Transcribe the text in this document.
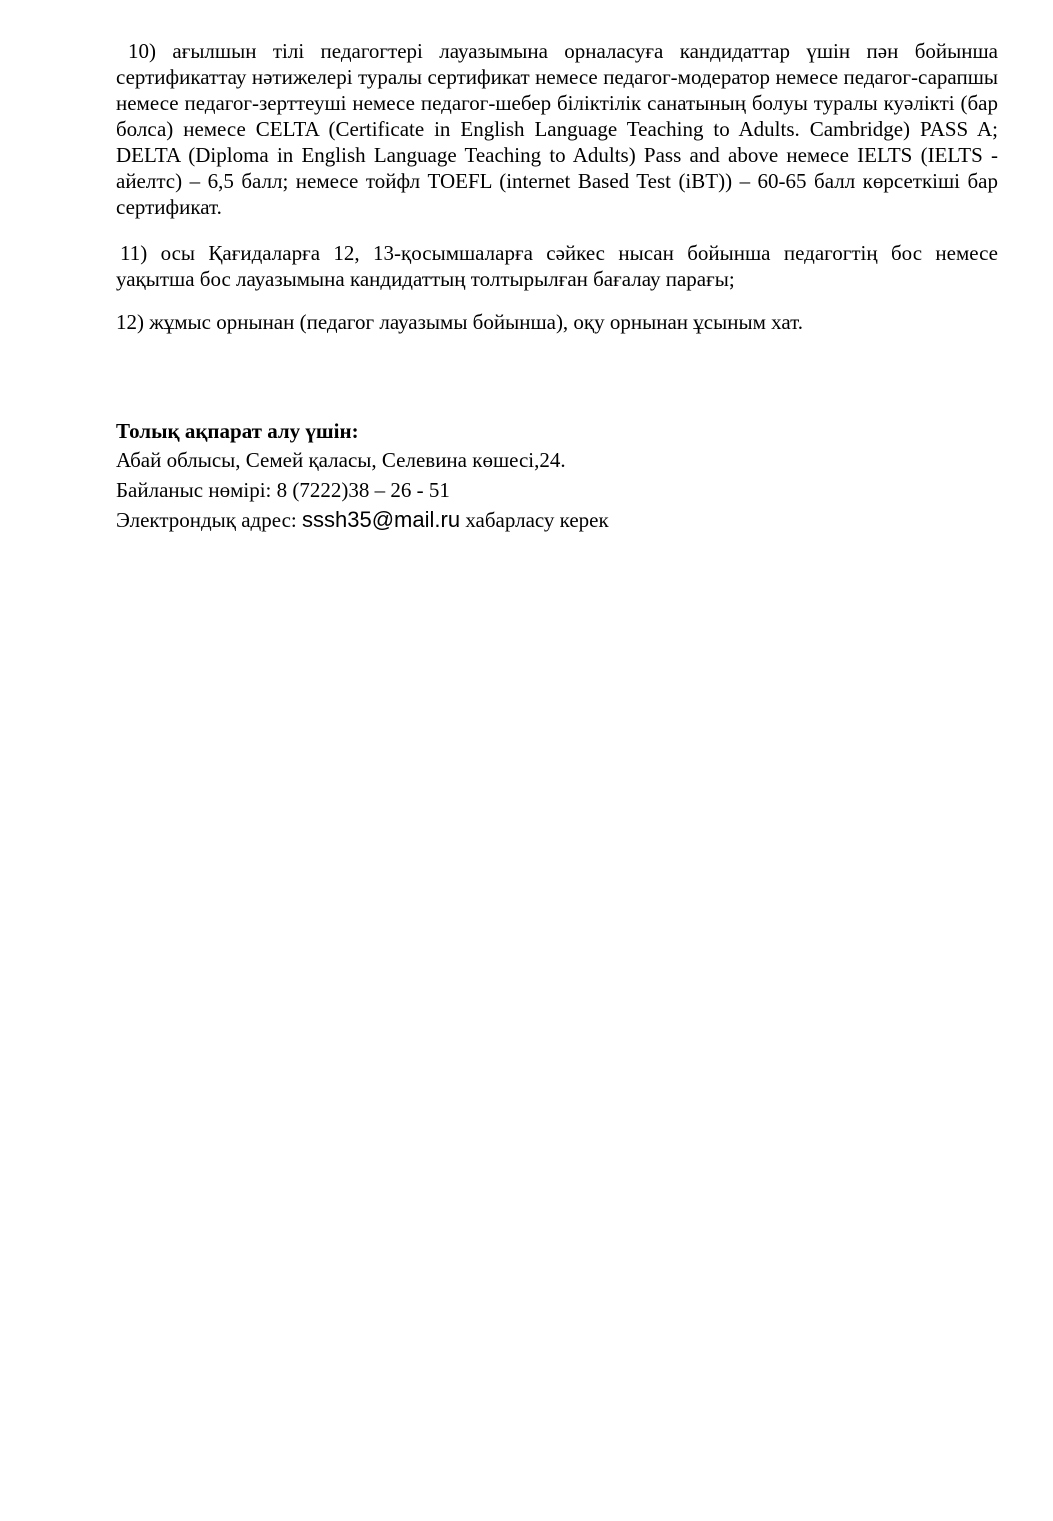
10) ағылшын тілі педагогтері лауазымына орналасуға кандидаттар үшін пән бойынша сертификаттау нәтижелері туралы сертификат немесе педагог-модератор немесе педагог-сарапшы немесе педагог-зерттеуші немесе педагог-шебер біліктілік санатының болуы туралы куәлікті (бар болса) немесе CELTA (Certificate in English Language Teaching to Adults. Cambridge) PASS A; DELTA (Diploma in English Language Teaching to Adults) Pass and above немесе IELTS (IELTS - айелтс) – 6,5 балл; немесе тойфл TOEFL (internet Based Test (iBT)) – 60-65 балл көрсеткіші бар сертификат.

11) осы Қағидаларға 12, 13-қосымшаларға сәйкес нысан бойынша педагогтің бос немесе уақытша бос лауазымына кандидаттың толтырылған бағалау парағы;

12) жұмыс орнынан (педагог лауазымы бойынша), оқу орнынан ұсыным хат.

Толық ақпарат алу үшін:
Абай облысы, Семей қаласы, Селевина көшесі,24.
Байланыс нөмірі: 8 (7222)38 – 26 - 51
Электрондық адрес: sssh35@mail.ru хабарласу керек
